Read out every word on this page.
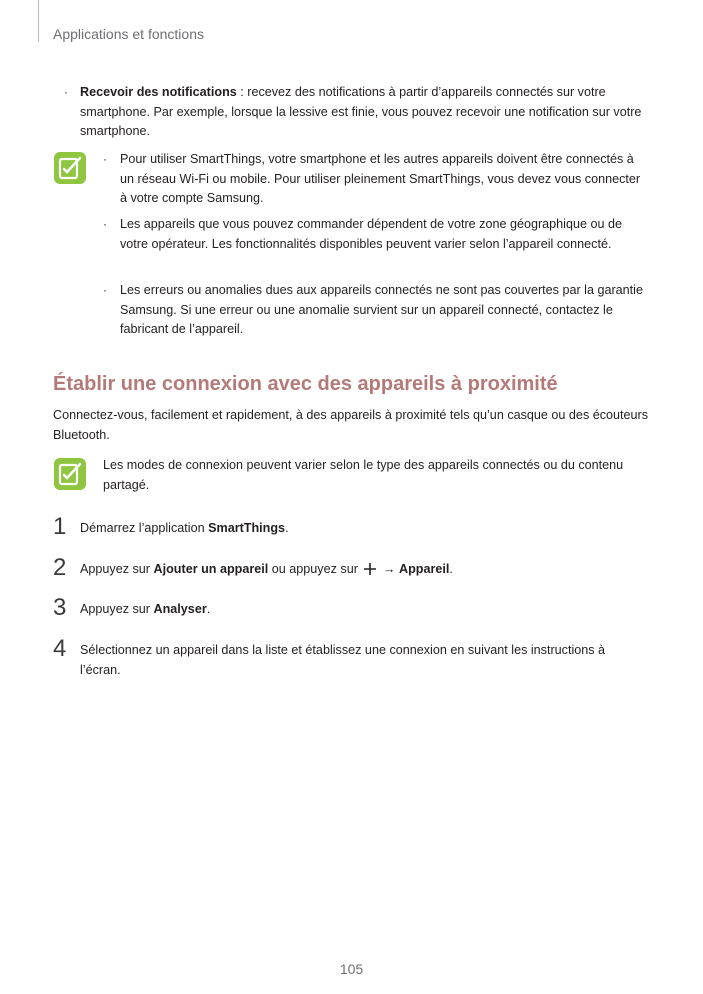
Applications et fonctions
· Recevoir des notifications : recevez des notifications à partir d’appareils connectés sur votre smartphone. Par exemple, lorsque la lessive est finie, vous pouvez recevoir une notification sur votre smartphone.
· Pour utiliser SmartThings, votre smartphone et les autres appareils doivent être connectés à un réseau Wi-Fi ou mobile. Pour utiliser pleinement SmartThings, vous devez vous connecter à votre compte Samsung.
· Les appareils que vous pouvez commander dépendent de votre zone géographique ou de votre opérateur. Les fonctionnalités disponibles peuvent varier selon l’appareil connecté.
· Les erreurs ou anomalies dues aux appareils connectés ne sont pas couvertes par la garantie Samsung. Si une erreur ou une anomalie survient sur un appareil connecté, contactez le fabricant de l’appareil.
Établir une connexion avec des appareils à proximité
Connectez-vous, facilement et rapidement, à des appareils à proximité tels qu’un casque ou des écouteurs Bluetooth.
Les modes de connexion peuvent varier selon le type des appareils connectés ou du contenu partagé.
1 Démarrez l’application SmartThings.
2 Appuyez sur Ajouter un appareil ou appuyez sur  → Appareil.
3 Appuyez sur Analyser.
4 Sélectionnez un appareil dans la liste et établissez une connexion en suivant les instructions à l’écran.
105
